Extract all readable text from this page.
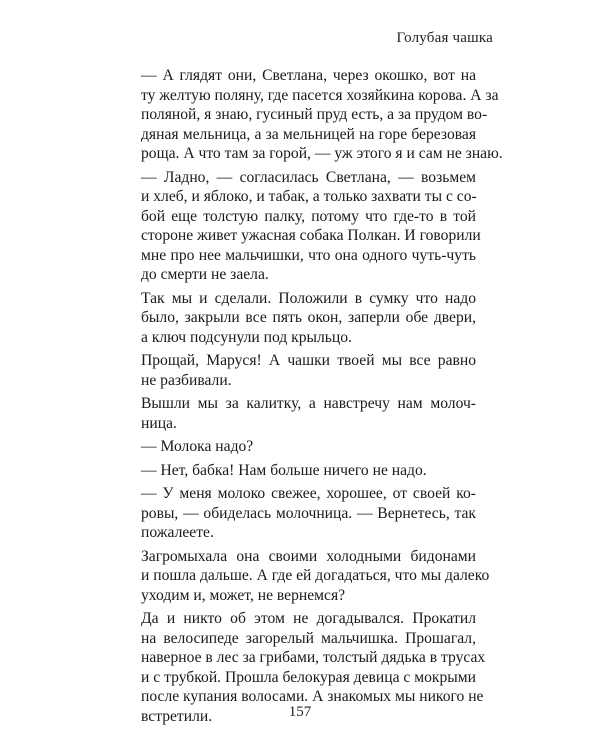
Голубая чашка
— А глядят они, Светлана, через окошко, вот на
ту желтую поляну, где пасется хозяйкина корова. А за
поляной, я знаю, гусиный пруд есть, а за прудом во-
дяная мельница, а за мельницей на горе березовая
роща. А что там за горой, — уж этого я и сам не знаю.
— Ладно, — согласилась Светлана, — возьмем
и хлеб, и яблоко, и табак, а только захвати ты с со-
бой еще толстую палку, потому что где-то в той
стороне живет ужасная собака Полкан. И говорили
мне про нее мальчишки, что она одного чуть-чуть
до смерти не заела.
Так мы и сделали. Положили в сумку что надо
было, закрыли все пять окон, заперли обе двери,
а ключ подсунули под крыльцо.
Прощай, Маруся! А чашки твоей мы все равно
не разбивали.
Вышли мы за калитку, а навстречу нам молоч-
ница.
— Молока надо?
— Нет, бабка! Нам больше ничего не надо.
— У меня молоко свежее, хорошее, от своей ко-
ровы, — обиделась молочница. — Вернетесь, так
пожалеете.
Загромыхала она своими холодными бидонами
и пошла дальше. А где ей догадаться, что мы далеко
уходим и, может, не вернемся?
Да и никто об этом не догадывался. Прокатил
на велосипеде загорелый мальчишка. Прошагал,
наверное в лес за грибами, толстый дядька в трусах
и с трубкой. Прошла белокурая девица с мокрыми
после купания волосами. А знакомых мы никого не
встретили.	157
